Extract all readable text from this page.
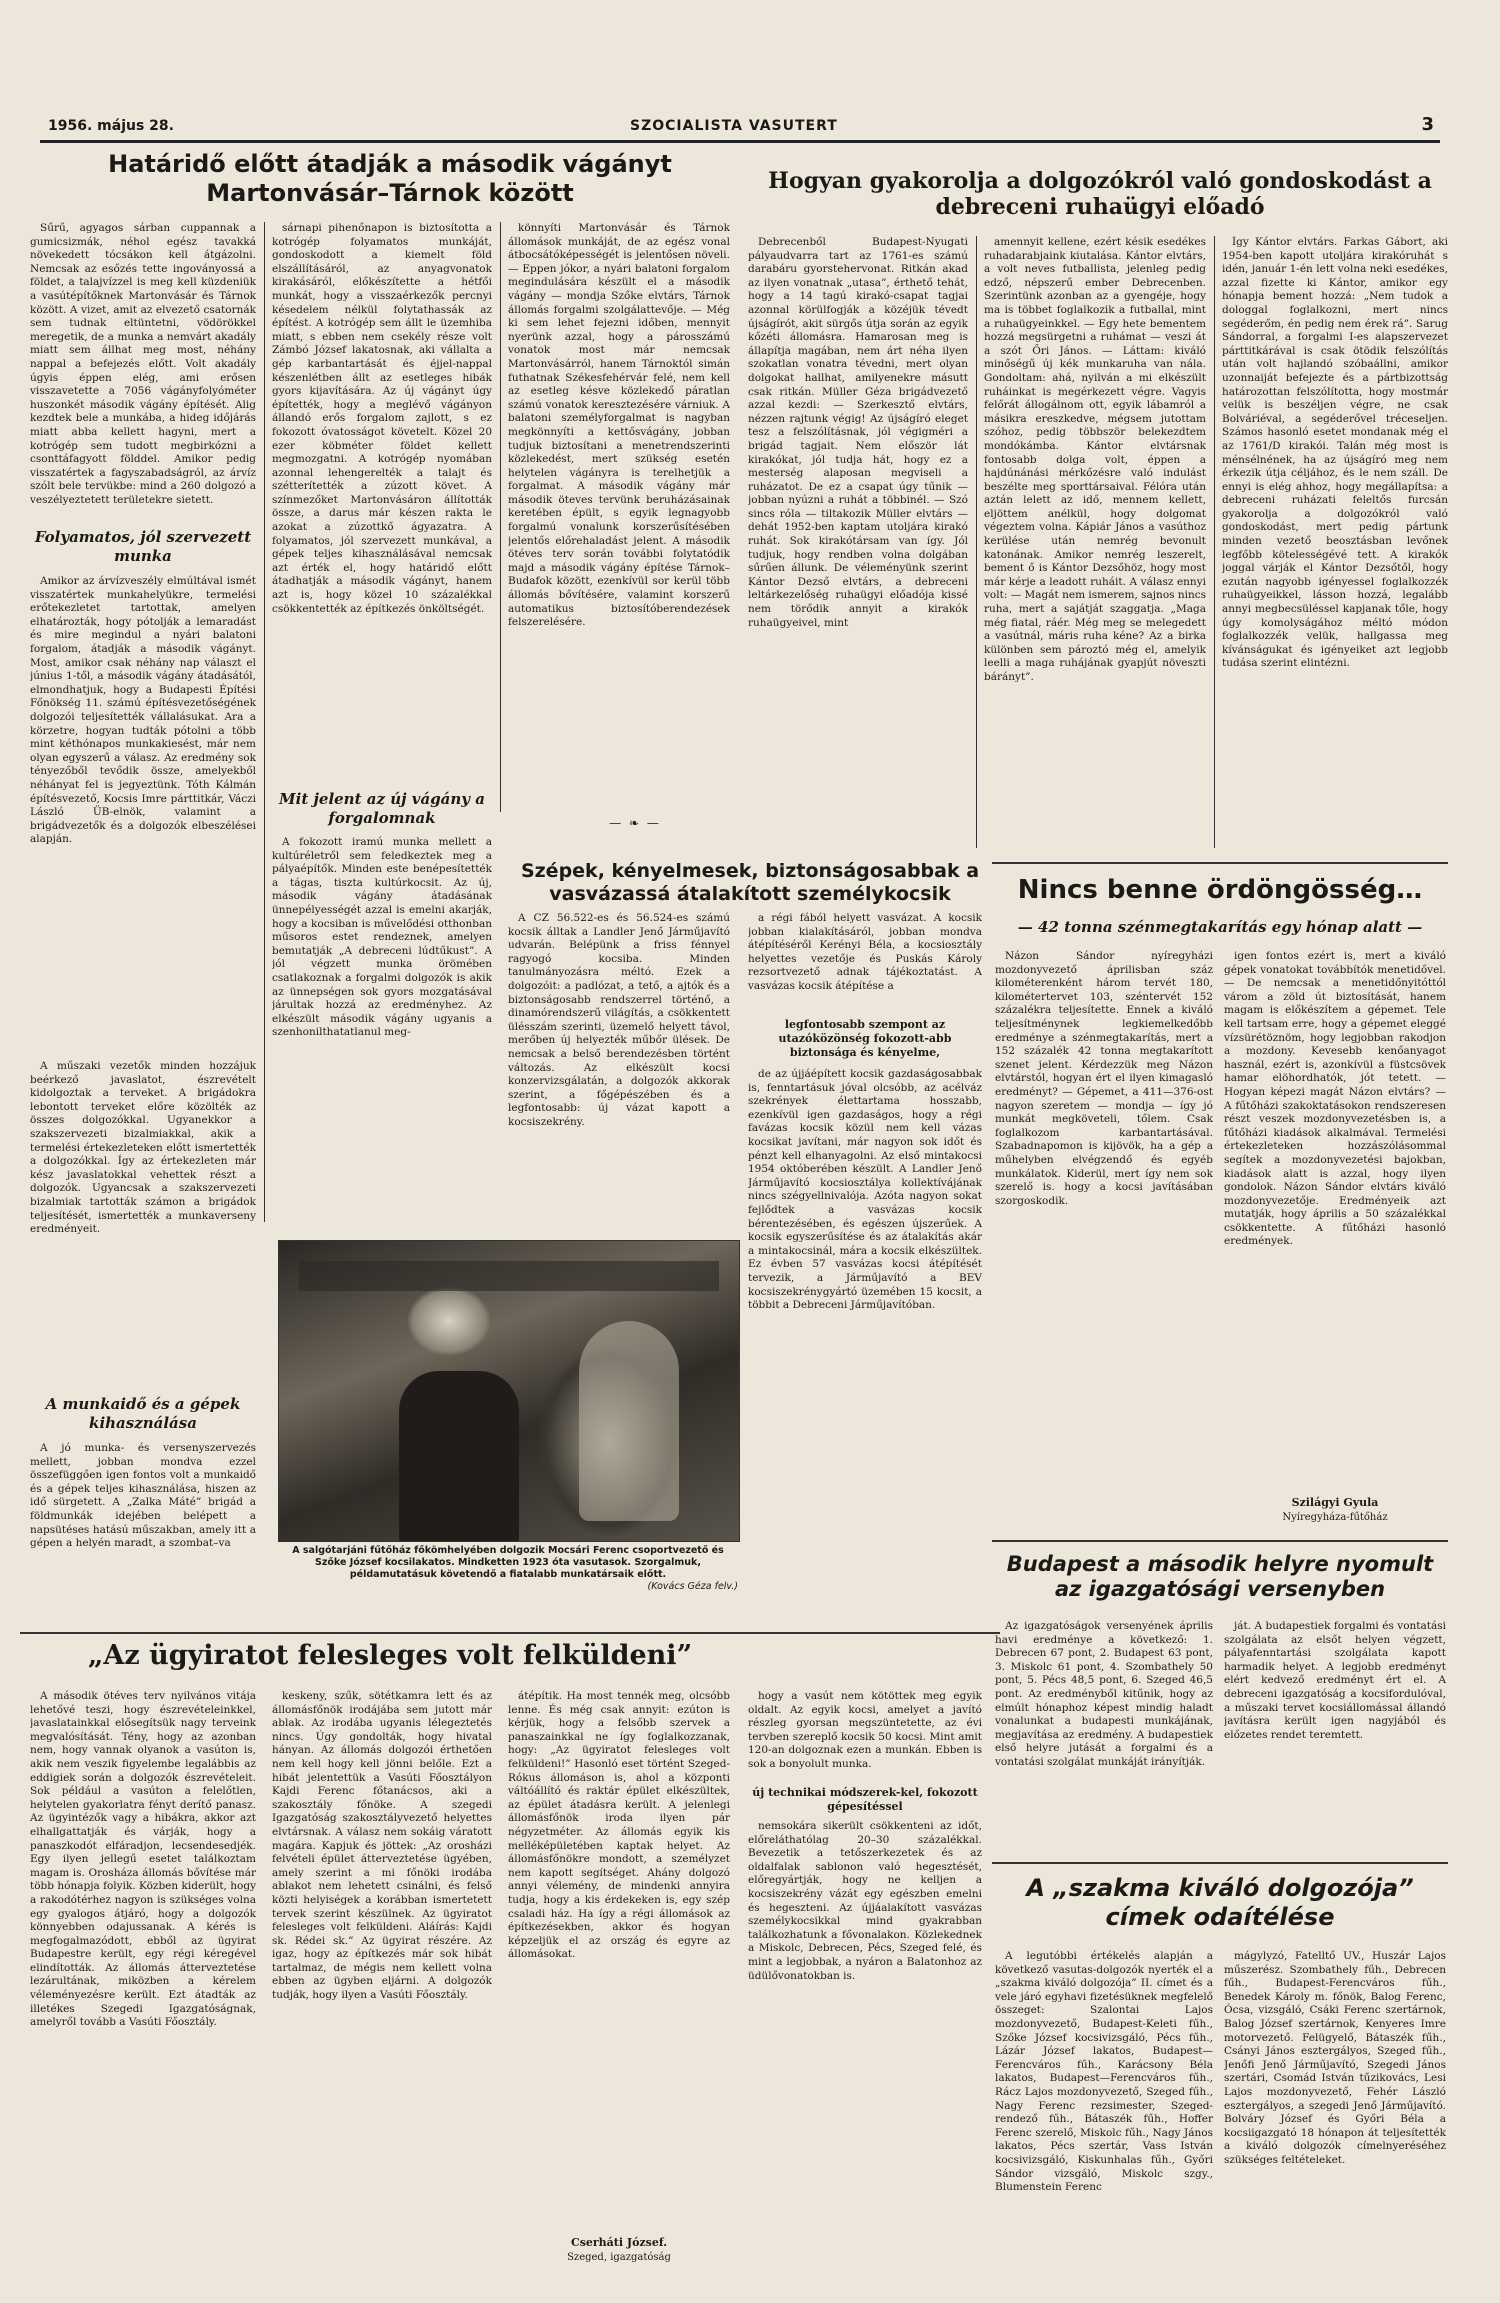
1956. május 28.	SZOCIALISTA VASUTERT	3
Határidő előtt átadják a második vágányt Martonvásár–Tárnok között

Sűrű, agyagos sárban cuppannak a gumicsizmák, néhol egész tavakká növekedett tócsákon kell átgázolni. Nemcsak az esőzés tette ingoványossá a földet, a talajvízzel is meg kell küzdeniük a vasútépítőknek Martonvásár és Tárnok között. A vizet, amit az elvezető csatornák sem tudnak eltüntetni, vödörökkel meregetik, de a munka a nemvárt akadály miatt sem állhat meg most, néhány nappal a befejezés előtt. Volt akadály úgyis éppen elég, ami erősen visszavetette a 7056 vágányfolyóméter huszonkét második vágány építését. Alig kezdtek bele a munkába, a hideg időjárás miatt abba kellett hagyni, mert a kotrógép sem tudott megbirkózni a csonttáfagyott földdel. Amikor pedig visszatértek a fagyszabadságról, az árvíz szólt bele tervükbe: mind a 260 dolgozó a veszélyeztetett területekre sietett.

Folyamatos, jól szervezett munka

Amikor az árvízveszély elmúltával ismét visszatértek munkahelyükre, termelési erőtekezletet tartottak, amelyen elhatározták, hogy pótolják a lemaradást és mire megindul a nyári balatoni forgalom, átadják a második vágányt. Most, amikor csak néhány nap választ el június 1-től, a második vágány átadásától, elmondhatjuk, hogy a Budapesti Építési Főnökség 11. számú építésvezetőségének dolgozói teljesítették vállalásukat. Ara a körzetre, hogyan tudták pótolni a több mint kéthónapos munkakiesést, már nem olyan egyszerű a válasz. Az eredmény sok tényezőből tevődik össze, amelyekből néhányat fel is jegyeztünk. Tóth Kálmán építésvezető, Kocsis Imre párttitkár, Váczi László ÜB-elnök, valamint a brigádvezetők és a dolgozók elbeszélései alapján.

A műszaki vezetők minden hozzájuk beérkező javaslatot, észrevételt kidolgoztak a terveket. A brigádokra lebontott terveket előre közölték az összes dolgozókkal. Ugyanekkor a szakszervezeti bizalmiakkal, akik a termelési értekezleteken előtt ismertették a dolgozókkal. Így az értekezleten már kész javaslatokkal vehettek részt a dolgozók. Ugyancsak a szakszervezeti bizalmiak tartották számon a brigádok teljesítését, ismertették a munkaverseny eredményeit.

A munkaidő és a gépek kihasználása

A jó munka- és versenyszervezés mellett, jobban mondva ezzel összefüggően igen fontos volt a munkaidő és a gépek teljes kihasználása, hiszen az idő sürgetett. A „Zalka Máté” brigád a földmunkák idejében belépett a napsütéses hatású műszakban, amely itt a gépen a helyén maradt, a szombat–va

sárnapi pihenőnapon is biztosította a kotrógép folyamatos munkáját, gondoskodott a kiemelt föld elszállításáról, az anyagvonatok kirakásáról, előkészítette a hétfői munkát, hogy a visszaérkezők percnyi késedelem nélkül folytathassák az építést. A kotrógép sem állt le üzemhiba miatt, s ebben nem csekély része volt Zámbó József lakatosnak, aki vállalta a gép karbantartását és éjjel-nappal készenlétben állt az esetleges hibák gyors kijavítására. Az új vágányt úgy építették, hogy a meglévő vágányon állandó erős forgalom zajlott, s ez fokozott óvatosságot követelt. Közel 20 ezer köbméter földet kellett megmozgatni. A kotrógép nyomában azonnal lehengerelték a talajt és szétterítették a zúzott követ. A színmezőket Martonvásáron állították össze, a darus már készen rakta le azokat a zúzottkő ágyazatra. A folyamatos, jól szervezett munkával, a gépek teljes kihasználásával nemcsak azt érték el, hogy határidő előtt átadhatják a második vágányt, hanem azt is, hogy közel 10 százalékkal csökkentették az építkezés önköltségét.

Mit jelent az új vágány a forgalomnak

A fokozott iramú munka mellett a kultúréletről sem feledkeztek meg a pályaépítők. Minden este benépesítették a tágas, tiszta kultúrkocsit. Az új, második vágány átadásának ünnepélyességét azzal is emelni akarják, hogy a kocsiban is művelődési otthonban műsoros estet rendeznek, amelyen bemutatják „A debreceni lúdtűkust”. A jól végzett munka örömében csatlakoznak a forgalmi dolgozók is akik az ünnepségen sok gyors mozgatásával járultak hozzá az eredményhez. Az elkészült második vágány ugyanis a szenhonilthatatlanul meg-

könnyíti Martonvásár és Tárnok állomások munkáját, de az egész vonal átbocsátóképességét is jelentősen növeli. — Eppen jókor, a nyári balatoni forgalom megindulására készült el a második vágány — mondja Szőke elvtárs, Tárnok állomás forgalmi szolgálattevője. — Még ki sem lehet fejezni időben, mennyit nyerünk azzal, hogy a párosszámú vonatok most már nemcsak Martonvásárról, hanem Tárnoktól simán futhatnak Székesfehérvár felé, nem kell az esetleg késve közlekedő páratlan számú vonatok keresztezésére várniuk. A balatoni személyforgalmat is nagyban megkönnyíti a kettősvágány, jobban tudjuk biztosítani a menetrendszerinti közlekedést, mert szükség esetén helytelen vágányra is terelhetjük a forgalmat. A második vágány már második öteves tervünk beruházásainak keretében épült, s egyik legnagyobb forgalmú vonalunk korszerűsítésében jelentős előrehaladást jelent. A második ötéves terv során további folytatódik majd a második vágány építése Tárnok–Budafok között, ezenkívül sor kerül több állomás bővítésére, valamint korszerű automatikus biztosítóberendezések felszerelésére.

— ❧ —
Szépek, kényelmesek, biztonságosabbak a vasvázassá átalakított személykocsik

A CZ 56.522-es és 56.524-es számú kocsik álltak a Landler Jenő Járműjavító udvarán. Belépünk a friss fénnyel ragyogó kocsiba. Minden tanulmányozásra méltó. Ezek a dolgozóit: a padlózat, a tető, a ajtók és a biztonságosabb rendszerrel történő, a dinamórendszerű világítás, a csökkentett ülésszám szerinti, üzemelő helyett távol, merőben új helyezték műbőr ülések. De nemcsak a belső berendezésben történt változás. Az elkészült kocsi konzervizsgálatán, a dolgozók akkorak szerint, a főgépészében és a legfontosabb: új vázat kapott a kocsiszekrény.

a régi fából helyett vasvázat. A kocsik jobban kialakításáról, jobban mondva átépítéséről Kerényi Béla, a kocsiosztály helyettes vezetője és Puskás Károly rezsortvezető adnak tájékoztatást. A vasvázas kocsik átépítése a

legfontosabb szempont az utazóközönség fokozott-abb biztonsága és kényelme,

de az újjáépített kocsik gazdaságosabbak is, fenntartásuk jóval olcsóbb, az acélváz szekrények élettartama hosszabb, ezenkívül igen gazdaságos, hogy a régi favázas kocsik közül nem kell vázas kocsikat javítani, már nagyon sok időt és pénzt kell elhanyagolni. Az első mintakocsi 1954 októberében készült. A Landler Jenő Járműjavító kocsiosztálya kollektívájának nincs szégyellnivalója. Azóta nagyon sokat fejlődtek a vasvázas kocsik bérentezésében, és egészen újszerűek. A kocsik egyszerűsítése és az átalakítás akár a mintakocsinál, mára a kocsik elkészültek. Ez évben 57 vasvázas kocsi átépítését tervezik, a Járműjavító a BEV kocsiszekrénygyártó üzemében 15 kocsit, a többit a Debreceni Járműjavítóban.

A salgótarjáni fűtőház főkömhelyében dolgozik Mocsári Ferenc csoportvezető és Szőke József kocsilakatos. Mindketten 1923 óta vasutasok. Szorgalmuk, példamutatásuk követendő a fiatalabb munkatársaik előtt.
(Kovács Géza felv.)
Hogyan gyakorolja a dolgozókról való gondoskodást a debreceni ruhaügyi előadó

Debrecenből Budapest-Nyugati pályaudvarra tart az 1761-es számú darabáru gyorstehervonat. Ritkán akad az ilyen vonatnak „utasa”, érthető tehát, hogy a 14 tagú kirakó-csapat tagjai azonnal körülfogják a közéjük tévedt újságírót, akit sürgős útja során az egyik kőzéti állomásra. Hamarosan meg is állapítja magában, nem árt néha ilyen szokatlan vonatra tévedni, mert olyan dolgokat hallhat, amilyenekre másutt csak ritkán. Müller Géza brigádvezető azzal kezdi: — Szerkesztő elvtárs, nézzen rajtunk végig! Az újságíró eleget tesz a felszólításnak, jól végigméri a brigád tagjait. Nem először lát kirakókat, jól tudja hát, hogy ez a mesterség alaposan megviseli a ruházatot. De ez a csapat úgy tűnik — jobban nyúzni a ruhát a többinél. — Szó sincs róla — tiltakozik Müller elvtárs — dehát 1952-ben kaptam utoljára kirakó ruhát. Sok kirakótársam van így. Jól tudjuk, hogy rendben volna dolgában sűrűen állunk. De véleményünk szerint Kántor Dezső elvtárs, a debreceni leltárkezelőség ruhaügyi előadója kissé nem törődik annyit a kirakók ruhaügyeivel, mint

amennyit kellene, ezért késik esedékes ruhadarabjaink kiutalása. Kántor elvtárs, a volt neves futballista, jelenleg pedig edző, népszerű ember Debrecenben. Szerintünk azonban az a gyengéje, hogy ma is többet foglalkozik a futballal, mint a ruhaügyeinkkel. — Egy hete bementem hozzá megsürgetni a ruhámat — veszi át a szót Őri János. — Láttam: kiváló minőségű új kék munkaruha van nála. Gondoltam: ahá, nyilván a mi elkészült ruháinkat is megérkezett végre. Vagyis felőrát állogálnom ott, egyik lábamról a másikra ereszkedve, mégsem jutottam szóhoz, pedig többször belekezdtem mondókámba. Kántor elvtársnak fontosabb dolga volt, éppen a hajdúnánási mérkőzésre való indulást beszélte meg sporttársaival. Félóra után aztán lelett az idő, mennem kellett, eljöttem anélkül, hogy dolgomat végeztem volna. Kápiár János a vasúthoz kerülése után nemrég bevonult katonának. Amikor nemrég leszerelt, bement ő is Kántor Dezsőhöz, hogy most már kérje a leadott ruháit. A válasz ennyi volt: — Magát nem ismerem, sajnos nincs ruha, mert a sajátját szaggatja. „Maga még fiatal, ráér. Még meg se melegedett a vasútnál, máris ruha kéne? Az a birka különben sem pároztó még el, amelyik leelli a maga ruhájának gyapjút növeszti bárányt”.

Így Kántor elvtárs. Farkas Gábort, aki 1954-ben kapott utoljára kirakóruhát s idén, január 1-én lett volna neki esedékes, azzal fizette ki Kántor, amikor egy hónapja bement hozzá: „Nem tudok a dologgal foglalkozni, mert nincs segéderőm, én pedig nem érek rá”. Sarug Sándorral, a forgalmi I-es alapszervezet párttitkárával is csak ötödik felszólítás után volt hajlandó szóbaállni, amikor uzonnaiját befejezte és a pártbizottság határozottan felszólította, hogy mostmár velük is beszéljen végre, ne csak Bolváriéval, a segéderővel tréceseljen. Számos hasonló esetet mondanak még el az 1761/D kirakói. Talán még most is ménsélnének, ha az újságíró meg nem érkezik útja céljához, és le nem száll. De ennyi is elég ahhoz, hogy megállapítsa: a debreceni ruházati feleltős furcsán gyakorolja a dolgozókról való gondoskodást, mert pedig pártunk minden vezető beosztásban levőnek legfőbb kötelességévé tett. A kirakók joggal várják el Kántor Dezsőtől, hogy ezután nagyobb igényessel foglalkozzék ruhaügyeikkel, lásson hozzá, legalább annyi megbecsüléssel kapjanak tőle, hogy úgy komolyságához méltó módon foglalkozzék velük, hallgassa meg kívánságukat és igényeiket azt legjobb tudása szerint elintézni.

Nincs benne ördöngösség…
— 42 tonna szénmegtakarítás egy hónap alatt —

Názon Sándor nyíregyházi mozdonyvezető áprilisban száz kilométerenként három tervét 180, kilométertervet 103, széntervét 152 százalékra teljesítette. Ennek a kiváló teljesítménynek legkiemelkedőbb eredménye a szénmegtakarítás, mert a 152 százalék 42 tonna megtakarított szenet jelent. Kérdezzük meg Názon elvtárstól, hogyan ért el ilyen kimagasló eredményt? — Gépemet, a 411—376-ost nagyon szeretem — mondja — így jó munkát megköveteli, tőlem. Csak foglalkozom karbantartásával. Szabadnapomon is kijövök, ha a gép a műhelyben elvégzendő és egyéb munkálatok. Kiderül, mert így nem sok szerelő is. hogy a kocsi javításában szorgoskodik.

igen fontos ezért is, mert a kiváló gépek vonatokat továbbítók menetidővel. — De nemcsak a menetidőnyitóttól várom a zöld út biztosítását, hanem magam is előkészítem a gépemet. Tele kell tartsam erre, hogy a gépemet eleggé vízsürétöznöm, hogy legjobban rakodjon a mozdony. Kevesebb kenőanyagot használ, ezért is, azonkívül a füstcsövek hamar elöhordhatók, jót tetett. — Hogyan képezi magát Názon elvtárs? — A fűtőházi szakoktatásokon rendszeresen részt veszek mozdonyvezetésben is, a fűtőházi kiadások alkalmával. Termelési értekezleteken hozzászólásommal segítek a mozdonyvezetési bajokban, kiadások alatt is azzal, hogy ilyen gondolok. Názon Sándor elvtárs kiváló mozdonyvezetője. Eredményeik azt mutatják, hogy április a 50 százalékkal csökkentette. A fűtőházi hasonló eredmények.

Szilágyi Gyula
Nyíregyháza-fűtőház
„Az ügyiratot felesleges volt felküldeni”

A második ötéves terv nyilvános vitája lehetővé teszi, hogy észrevételeinkkel, javaslatainkkal elősegítsük nagy terveink megvalósítását. Tény, hogy az azonban nem, hogy vannak olyanok a vasúton is, akik nem veszik figyelembe legalábbis az eddigiek során a dolgozók észrevételeit. Sok például a vasúton a felelőtlen, helytelen gyakorlatra fényt derítő panasz. Az ügyintézők vagy a hibákra, akkor azt elhallgattatják és várják, hogy a panaszkodót elfáradjon, lecsendesedjék. Egy ilyen jellegű esetet találkoztam magam is. Orosháza állomás bővítése már több hónapja folyik. Közben kiderült, hogy a rakodótérhez nagyon is szükséges volna egy gyalogos átjáró, hogy a dolgozók könnyebben odajussanak. A kérés is megfogalmazódott, ebből az ügyirat Budapestre került, egy régi kéregével elindították. Az állomás átterveztetése lezárultának, miközben a kérelem véleményezésre került. Ezt átadták az illetékes Szegedi Igazgatóságnak, amelyről tovább a Vasúti Főosztály.

keskeny, szűk, sötétkamra lett és az állomásfőnök irodájába sem jutott már ablak. Az irodába ugyanis lélegeztetés nincs. Úgy gondolták, hogy hivatal hányan. Az állomás dolgozói érthetően nem kell hogy kell jönni belőle. Ezt a hibát jelentettük a Vasúti Főosztályon Kajdi Ferenc főtanácsos, aki a szakosztály főnöke. A szegedi Igazgatóság szakosztályvezető helyettes elvtársnak. A válasz nem sokáig váratott magára. Kapjuk és jöttek: „Az orosházi felvételi épület átterveztetése ügyében, amely szerint a mi főnöki irodába ablakot nem lehetett csinálni, és felső közti helyiségek a korábban ismertetett tervek szerint készülnek. Az ügyiratot felesleges volt felküldeni. Aláírás: Kajdi sk. Rédei sk.” Az ügyirat részére. Az igaz, hogy az építkezés már sok hibát tartalmaz, de mégis nem kellett volna ebben az ügyben eljárni. A dolgozók tudják, hogy ilyen a Vasúti Főosztály.

átépítik. Ha most tennék meg, olcsóbb lenne. És még csak annyit: ezúton is kérjük, hogy a felsőbb szervek a panaszainkkal ne így foglalkozzanak, hogy: „Az ügyiratot felesleges volt felküldeni!” Hasonló eset történt Szeged-Rókus állomáson is, ahol a központi váltóállító és raktár épület elkészültek, az épület átadásra került. A jelenlegi állomásfőnök iroda ilyen pár négyzetméter. Az állomás egyik kis melléképületében kaptak helyet. Az állomásfőnökre mondott, a személyzet nem kapott segítséget. Ahány dolgozó annyi vélemény, de mindenki annyira tudja, hogy a kis érdekeken is, egy szép csaladi ház. Ha így a régi állomások az építkezésekben, akkor és hogyan képzeljük el az ország és egyre az állomásokat.

Cserháti József.
Szeged, igazgatóság

hogy a vasút nem kötöttek meg egyik oldalt. Az egyik kocsi, amelyet a javító részleg gyorsan megszüntetette, az évi tervben szereplő kocsik 50 kocsi. Mint amit 120-an dolgoznak ezen a munkán. Ebben is sok a bonyolult munka.

új technikai módszerek-kel, fokozott gépesítéssel

nemsokára sikerült csökkenteni az időt, előreláthatólag 20–30 százalékkal. Bevezetik a tetőszerkezetek és az oldalfalak sablonon való hegesztését, előregyártják, hogy ne kelljen a kocsiszekrény vázát egy egészben emelni és hegeszteni. Az újjáalakított vasvázas személykocsikkal mind gyakrabban találkozhatunk a fővonalakon. Közlekednek a Miskolc, Debrecen, Pécs, Szeged felé, és mint a legjobbak, a nyáron a Balatonhoz az üdülővonatokban is.

Budapest a második helyre nyomult az igazgatósági versenyben

Az igazgatóságok versenyének április havi eredménye a következő: 1. Debrecen 67 pont, 2. Budapest 63 pont, 3. Miskolc 61 pont, 4. Szombathely 50 pont, 5. Pécs 48,5 pont, 6. Szeged 46,5 pont. Az eredményből kitűnik, hogy az elmúlt hónaphoz képest mindig haladt vonalunkat a budapesti munkájának, megjavítása az eredmény. A budapestiek első helyre jutását a forgalmi és a vontatási szolgálat munkáját irányítják.

ját. A budapestiek forgalmi és vontatási szolgálata az elsőt helyen végzett, pályafenntartási szolgálata kapott harmadik helyet. A legjobb eredményt elért kedvező eredményt ért el. A debreceni igazgatóság a kocsifordulóval, a műszaki tervet kocsiállomással állandó javításra került igen nagyjából és előzetes rendet teremtett.

A „szakma kiváló dolgozója” címek odaítélése

A legutóbbi értékelés alapján a következő vasutas-dolgozók nyerték el a „szakma kiváló dolgozója” II. címet és a vele járó egyhavi fizetésüknek megfelelő összeget: Szalontai Lajos mozdonyvezető, Budapest-Keleti fűh., Szőke József kocsivizsgáló, Pécs fűh., Lázár József lakatos, Budapest—Ferencváros fűh., Karácsony Béla lakatos, Budapest—Ferencváros fűh., Rácz Lajos mozdonyvezető, Szeged fűh., Nagy Ferenc rezsimester, Szeged-rendező fűh., Bátaszék fűh., Hoffer Ferenc szerelő, Miskolc fűh., Nagy János lakatos, Pécs szertár, Vass István kocsivizsgáló, Kiskunhalas fűh., Győri Sándor vizsgáló, Miskolc szgy., Blumenstein Ferenc

mágylyzó, Fatelltő UV., Huszár Lajos műszerész. Szombathely fűh., Debrecen fűh., Budapest-Ferencváros fűh., Benedek Károly m. főnök, Balog Ferenc, Ócsa, vizsgáló, Csáki Ferenc szertárnok, Balog József szertárnok, Kenyeres Imre motorvezető. Felügyelő, Bátaszék fűh., Csányi János esztergályos, Szeged fűh., Jenőfi Jenő Járműjavító, Szegedi János szertári, Csomád István tűzikovács, Lesi Lajos mozdonyvezető, Fehér László esztergályos, a szegedi Jenő Járműjavító. Bolváry József és Győri Béla a kocsiigazgató 18 hónapon át teljesítették a kiváló dolgozók címelnyeréséhez szükséges feltételeket.
